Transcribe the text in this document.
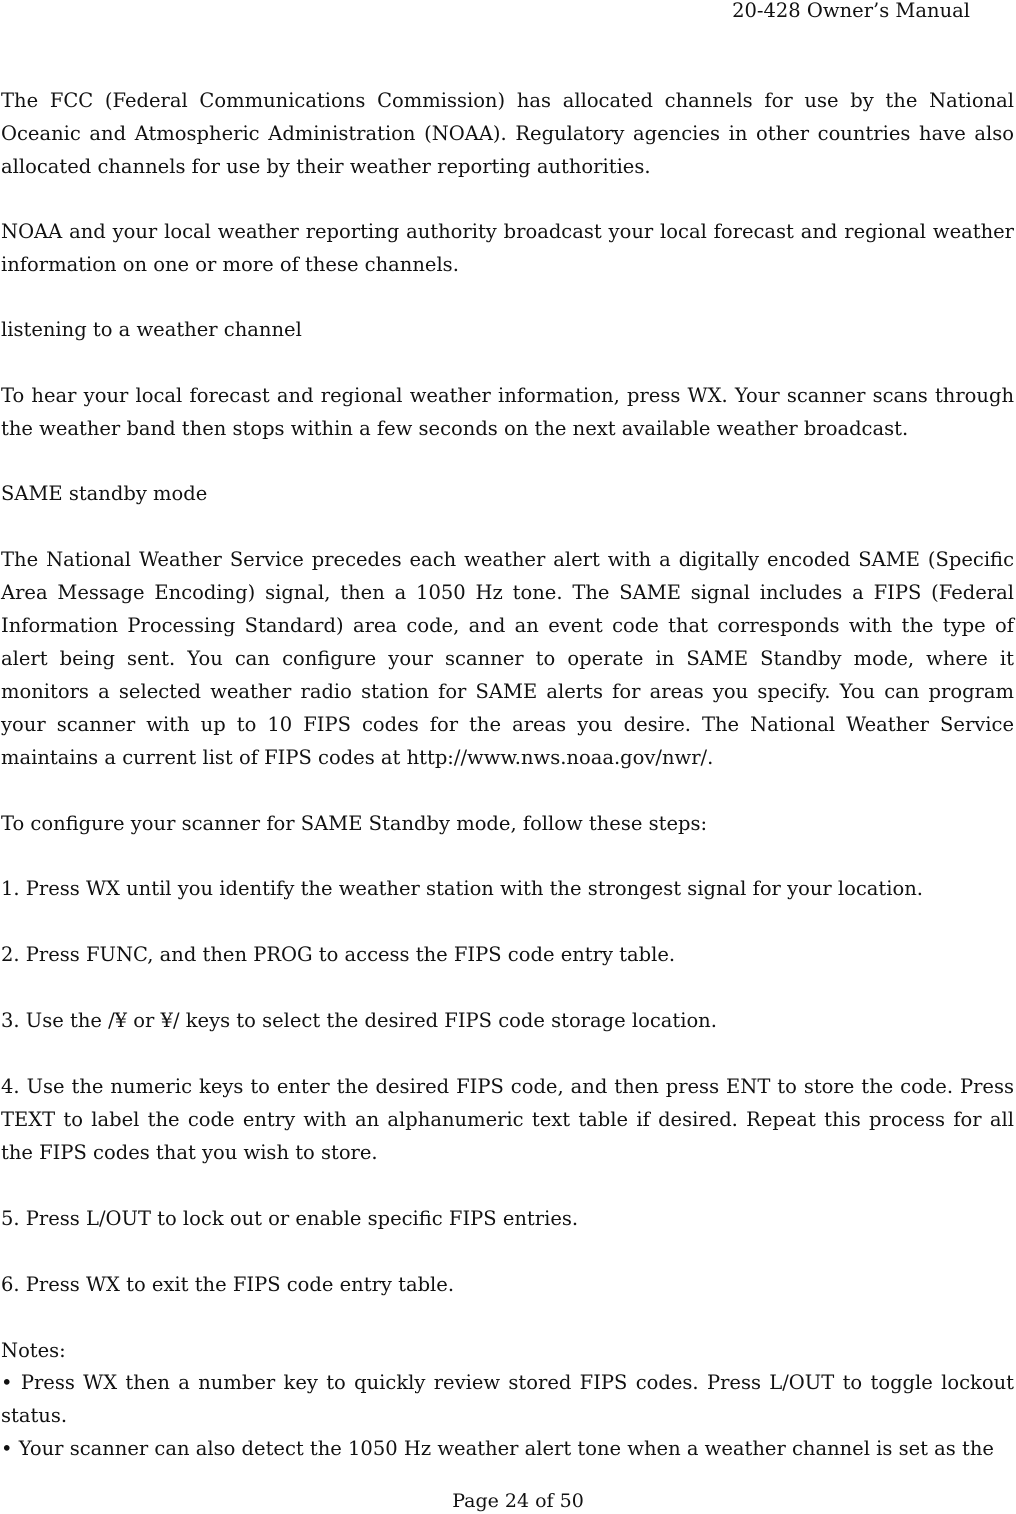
20-428 Owner’s Manual

The FCC (Federal Communications Commission) has allocated channels for use by the National Oceanic and Atmospheric Administration (NOAA). Regulatory agencies in other countries have also allocated channels for use by their weather reporting authorities.

NOAA and your local weather reporting authority broadcast your local forecast and regional weather information on one or more of these channels.

listening to a weather channel

To hear your local forecast and regional weather information, press WX. Your scanner scans through the weather band then stops within a few seconds on the next available weather broadcast.

SAME standby mode

The National Weather Service precedes each weather alert with a digitally encoded SAME (Specific Area Message Encoding) signal, then a 1050 Hz tone. The SAME signal includes a FIPS (Federal Information Processing Standard) area code, and an event code that corresponds with the type of alert being sent. You can configure your scanner to operate in SAME Standby mode, where it monitors a selected weather radio station for SAME alerts for areas you specify. You can program your scanner with up to 10 FIPS codes for the areas you desire. The National Weather Service maintains a current list of FIPS codes at http://www.nws.noaa.gov/nwr/.

To configure your scanner for SAME Standby mode, follow these steps:

1. Press WX until you identify the weather station with the strongest signal for your location.

2. Press FUNC, and then PROG to access the FIPS code entry table.

3. Use the /¥ or ¥/ keys to select the desired FIPS code storage location.

4. Use the numeric keys to enter the desired FIPS code, and then press ENT to store the code. Press TEXT to label the code entry with an alphanumeric text table if desired. Repeat this process for all the FIPS codes that you wish to store.

5. Press L/OUT to lock out or enable specific FIPS entries.

6. Press WX to exit the FIPS code entry table.

Notes:

• Press WX then a number key to quickly review stored FIPS codes. Press L/OUT to toggle lockout status.

• Your scanner can also detect the 1050 Hz weather alert tone when a weather channel is set as the

Page 24 of 50
